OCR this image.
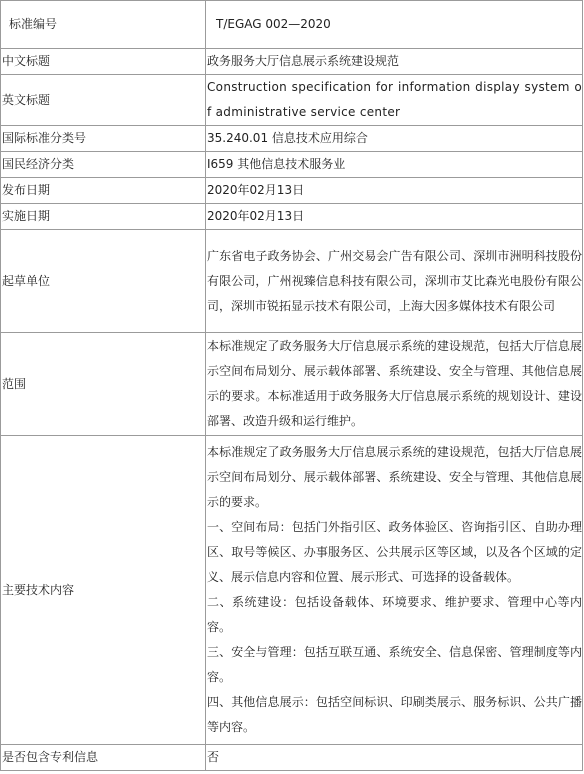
标准编号	T/EGAG 002—2020
中文标题	政务服务大厅信息展示系统建设规范
英文标题	Construction specification for information display system of administrative service center
国际标准分类号	35.240.01 信息技术应用综合
国民经济分类	I659 其他信息技术服务业
发布日期	2020年02月13日
实施日期	2020年02月13日
起草单位	广东省电子政务协会、广州交易会广告有限公司、深圳市洲明科技股份有限公司，广州视臻信息科技有限公司，深圳市艾比森光电股份有限公司，深圳市锐拓显示技术有限公司，上海大因多媒体技术有限公司
范围	本标准规定了政务服务大厅信息展示系统的建设规范，包括大厅信息展示空间布局划分、展示载体部署、系统建设、安全与管理、其他信息展示的要求。本标准适用于政务服务大厅信息展示系统的规划设计、建设部署、改造升级和运行维护。
主要技术内容	本标准规定了政务服务大厅信息展示系统的建设规范，包括大厅信息展示空间布局划分、展示载体部署、系统建设、安全与管理、其他信息展示的要求。
一、空间布局：包括门外指引区、政务体验区、咨询指引区、自助办理区、取号等候区、办事服务区、公共展示区等区域，以及各个区域的定义、展示信息内容和位置、展示形式、可选择的设备载体。
二、系统建设：包括设备载体、环境要求、维护要求、管理中心等内容。
三、安全与管理：包括互联互通、系统安全、信息保密、管理制度等内容。
四、其他信息展示：包括空间标识、印刷类展示、服务标识、公共广播等内容。

是否包含专利信息	否
